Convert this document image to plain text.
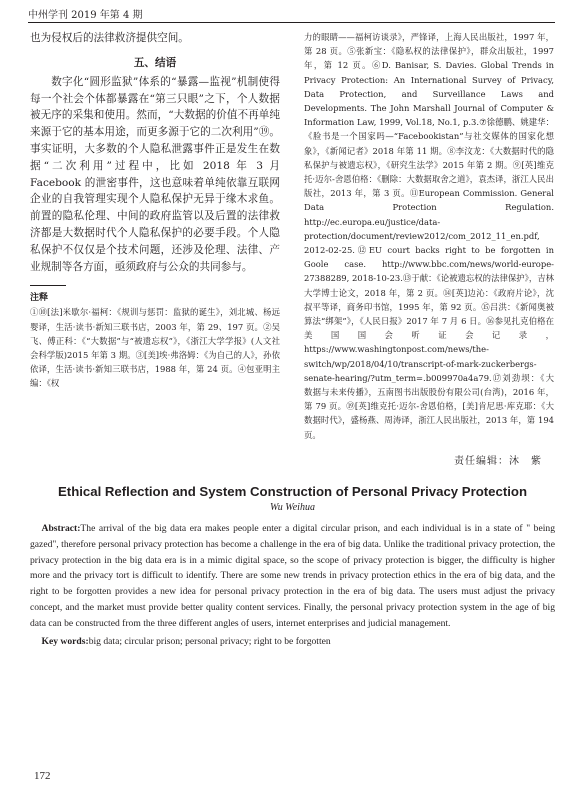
中州学刊 2019 年第 4 期

也为侵权后的法律救济提供空间。

五、结语

数字化“圆形监狱”体系的“暴露—监视”机制使得每一个社会个体都暴露在“第三只眼”之下，个人数据被无序的采集和使用。然而，“大数据的价值不再单纯来源于它的基本用途，而更多源于它的二次利用”⑲。事实证明，大多数的个人隐私泄露事件正是发生在数据“二次利用”过程中，比如 2018 年 3 月 Facebook 的泄密事件，这也意味着单纯依靠互联网企业的自我管理实现个人隐私保护无异于缘木求鱼。前置的隐私伦理、中间的政府监管以及后置的法律救济都是大数据时代个人隐私保护的必要手段。个人隐私保护不仅仅是个技术问题，还涉及伦理、法律、产业规制等各方面，亟须政府与公众的共同参与。

注释

①⑩[法]米歇尔·福柯：《规训与惩罚：监狱的诞生》，刘北城、杨远婴译，生活·读书·新知三联书店，2003 年，第 29、197 页。②吴飞、傅正科：《“大数据”与“被遗忘权”》，《浙江大学学报》(人文社会科学版)2015 年第 3 期。③[美]埃·弗洛姆：《为自己的人》，孙依依译，生活·读书·新知三联书店，1988 年，第 24 页。④包亚明主编：《权

力的眼睛——福柯访谈录》，严锋译，上海人民出版社，1997 年，第 28 页。⑤张新宝：《隐私权的法律保护》，群众出版社，1997 年，第 12 页。⑥D. Banisar, S. Davies. Global Trends in Privacy Protection: An International Survey of Privacy, Data Protection, and Surveillance Laws and Developments. The John Marshall Journal of Computer & Information Law, 1999, Vol.18, No.1, p.3.⑦徐德鹏、姚建华：《脸书是一个国家吗—“Facebookistan”与社交媒体的国家化想象》，《新闻记者》2018 年第 11 期。⑧李汶龙：《大数据时代的隐私保护与被遗忘权》，《研究生法学》2015 年第 2 期。⑨[英]维克托·迈尔-舍恩伯格：《删除：大数据取舍之道》，袁杰译，浙江人民出版社，2013 年，第 3 页。⑪European Commission. General Data Protection Regulation. http://ec.europa.eu/justice/data-protection/document/review2012/com_2012_11_en.pdf, 2012-02-25.⑫EU court backs right to be forgotten in Goole case. http://www.bbc.com/news/world-europe-27388289, 2018-10-23.⑬于献：《论被遗忘权的法律保护》，吉林大学博士论文，2018 年，第 2 页。⑭[英]边沁：《政府片论》，沈叔平等译，商务印书馆，1995 年，第 92 页。⑮吕洪：《新闻奥被算法“绑架”》，《人民日报》2017 年 7 月 6 日。⑯参见扎克伯格在美国国会听证会记录，https://www.washingtonpost.com/news/the-switch/wp/2018/04/10/transcript-of-mark-zuckerbergs-senate-hearing/?utm_term=.b009970a4a79.⑰刘劲坝：《大数据与未来传播》，五南图书出版股份有限公司(台湾)，2016 年，第 79 页。⑲[英]维克托·迈尔-舍恩伯格，[美]肯尼思·库克耶：《大数据时代》，盛杨燕、周涛译，浙江人民出版社，2013 年，第 194 页。

责任编辑：沐　紫
Ethical Reflection and System Construction of Personal Privacy Protection
Wu Weihua

Abstract:The arrival of the big data era makes people enter a digital circular prison, and each individual is in a state of " being gazed", therefore personal privacy protection has become a challenge in the era of big data. Unlike the traditional privacy protection, the privacy protection in the big data era is in a mimic digital space, so the scope of privacy protection is bigger, the difficulty is higher more and the privacy tort is difficult to identify. There are some new trends in privacy protection ethics in the era of big data, and the right to be forgotten provides a new idea for personal privacy protection in the era of big data. The users must adjust the privacy concept, and the market must provide better quality content services. Finally, the personal privacy protection system in the age of big data can be constructed from the three different angles of users, internet enterprises and judicial management.

Key words:big data; circular prison; personal privacy; right to be forgotten

172
